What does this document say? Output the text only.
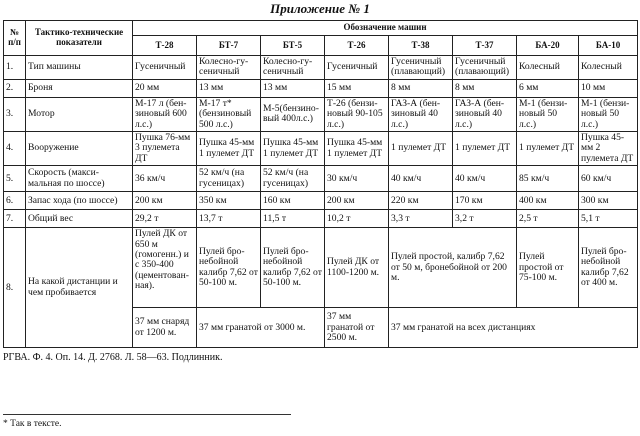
Приложение № 1
№ п/п	Тактико-технические показатели	Обозначение машин							
		Т-28	БТ-7	БТ-5	Т-26	Т-38	Т-37	БА-20	БА-10
1.	Тип машины	Гусеничный	Колесно-гу-сеничный	Колесно-гу-сеничный	Гусеничный	Гусеничный (плавающий)	Гусеничный (плавающий)	Колесный	Колесный
2.	Броня	20 мм	13 мм	13 мм	15 мм	8 мм	8 мм	6 мм	10 мм
3.	Мотор	М-17 л (бен-зиновый 600 л.с.)	М-17 т* (бензиновый 500 л.с.)	М-5(бензино-вый 400л.с.)	Т-26 (бензи-новый 90-105 л.с.)	ГАЗ-А (бен-зиновый 40 л.с.)	ГАЗ-А (бен-зиновый 40 л.с.)	М-1 (бензи-новый 50 л.с.)	М-1 (бензи-новый 50 л.с.)
4.	Вооружение	Пушка 76-мм 3 пулемета ДТ	Пушка 45-мм 1 пулемет ДТ	Пушка 45-мм 1 пулемет ДТ	Пушка 45-мм 1 пулемет ДТ	1 пулемет ДТ	1 пулемет ДТ	1 пулемет ДТ	Пушка 45-мм 2 пулемета ДТ
5.	Скорость (макси-мальная по шоссе)	36 км/ч	52 км/ч (на гусеницах)	52 км/ч (на гусеницах)	30 км/ч	40 км/ч	40 км/ч	85 км/ч	60 км/ч
6.	Запас хода (по шоссе)	200 км	350 км	160 км	200 км	220 км	170 км	400 км	300 км
7.	Общий вес	29,2 т	13,7 т	11,5 т	10,2 т	3,3 т	3,2 т	2,5 т	5,1 т
8.	На какой дистанции и чем пробивается	Пулей ДК от 650 м (гомогенн.) и с 350-400 (цементован-ная).	Пулей бро-небойной калибр 7,62 от 50-100 м.	Пулей бро-небойной калибр 7,62 от 50-100 м.	Пулей ДК от 1100-1200 м.	Пулей простой, калибр 7,62 от 50 м, бронебойной от 200 м.		Пулей простой от 75-100 м.	Пулей бро-небойной калибр 7,62 от 400 м.
		37 мм снаряд от 1200 м.	37 мм гранатой от 3000 м.		37 мм гранатой от 2500 м.	37 мм гранатой на всех дистанциях			
РГВА. Ф. 4. Оп. 14. Д. 2768. Л. 58—63. Подлинник.
* Так в тексте.
